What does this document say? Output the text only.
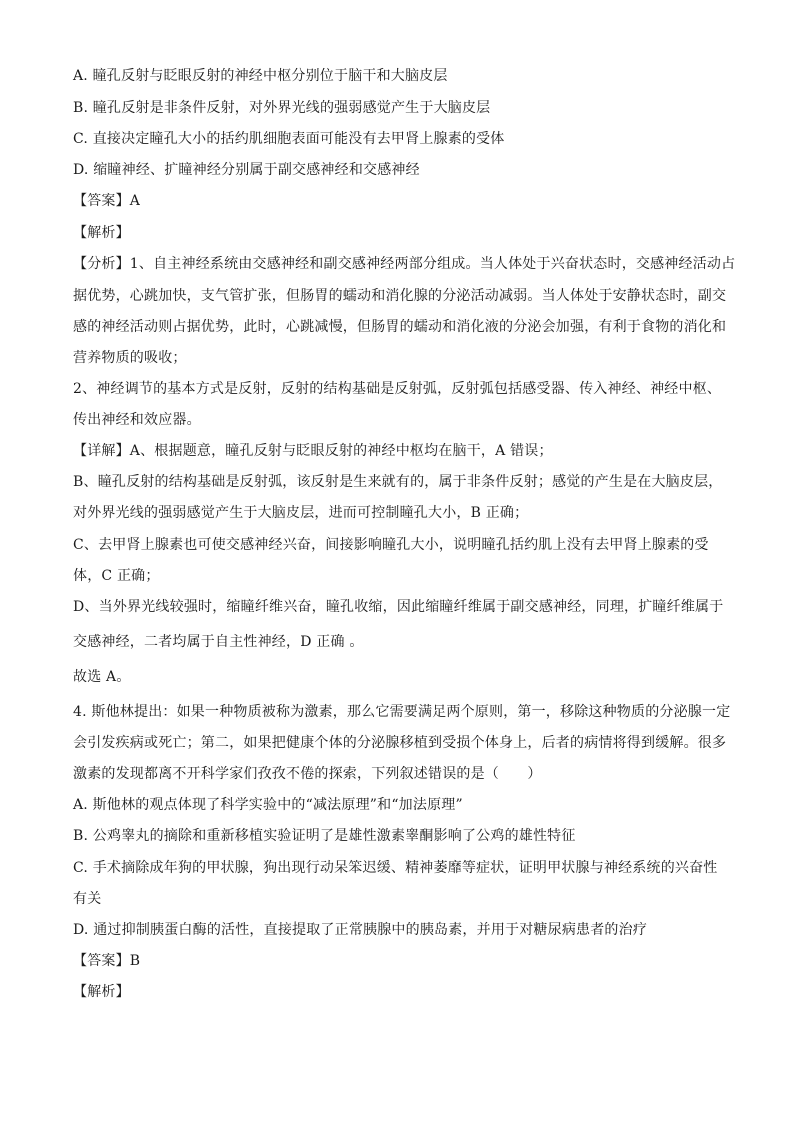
A. 瞳孔反射与眨眼反射的神经中枢分别位于脑干和大脑皮层
B. 瞳孔反射是非条件反射，对外界光线的强弱感觉产生于大脑皮层
C. 直接决定瞳孔大小的括约肌细胞表面可能没有去甲肾上腺素的受体
D. 缩瞳神经、扩瞳神经分别属于副交感神经和交感神经
【答案】A
【解析】
【分析】1、自主神经系统由交感神经和副交感神经两部分组成。当人体处于兴奋状态时，交感神经活动占
据优势，心跳加快，支气管扩张，但肠胃的蠕动和消化腺的分泌活动减弱。当人体处于安静状态时，副交
感的神经活动则占据优势，此时，心跳减慢，但肠胃的蠕动和消化液的分泌会加强，有利于食物的消化和
营养物质的吸收；
2、神经调节的基本方式是反射，反射的结构基础是反射弧，反射弧包括感受器、传入神经、神经中枢、
传出神经和效应器。
【详解】A、根据题意，瞳孔反射与眨眼反射的神经中枢均在脑干，A 错误；
B、瞳孔反射的结构基础是反射弧，该反射是生来就有的，属于非条件反射；感觉的产生是在大脑皮层，
对外界光线的强弱感觉产生于大脑皮层，进而可控制瞳孔大小，B 正确；
C、去甲肾上腺素也可使交感神经兴奋，间接影响瞳孔大小，说明瞳孔括约肌上没有去甲肾上腺素的受
体，C 正确；
D、当外界光线较强时，缩瞳纤维兴奋，瞳孔收缩，因此缩瞳纤维属于副交感神经，同理，扩瞳纤维属于
交感神经，二者均属于自主性神经，D 正确 。
故选 A。
4. 斯他林提出：如果一种物质被称为激素，那么它需要满足两个原则，第一，移除这种物质的分泌腺一定
会引发疾病或死亡；第二，如果把健康个体的分泌腺移植到受损个体身上，后者的病情将得到缓解。很多
激素的发现都离不开科学家们孜孜不倦的探索，下列叙述错误的是（　　）
A. 斯他林的观点体现了科学实验中的“减法原理”和“加法原理”
B. 公鸡睾丸的摘除和重新移植实验证明了是雄性激素睾酮影响了公鸡的雄性特征
C. 手术摘除成年狗的甲状腺，狗出现行动呆笨迟缓、精神萎靡等症状，证明甲状腺与神经系统的兴奋性
有关
D. 通过抑制胰蛋白酶的活性，直接提取了正常胰腺中的胰岛素，并用于对糖尿病患者的治疗
【答案】B
【解析】
